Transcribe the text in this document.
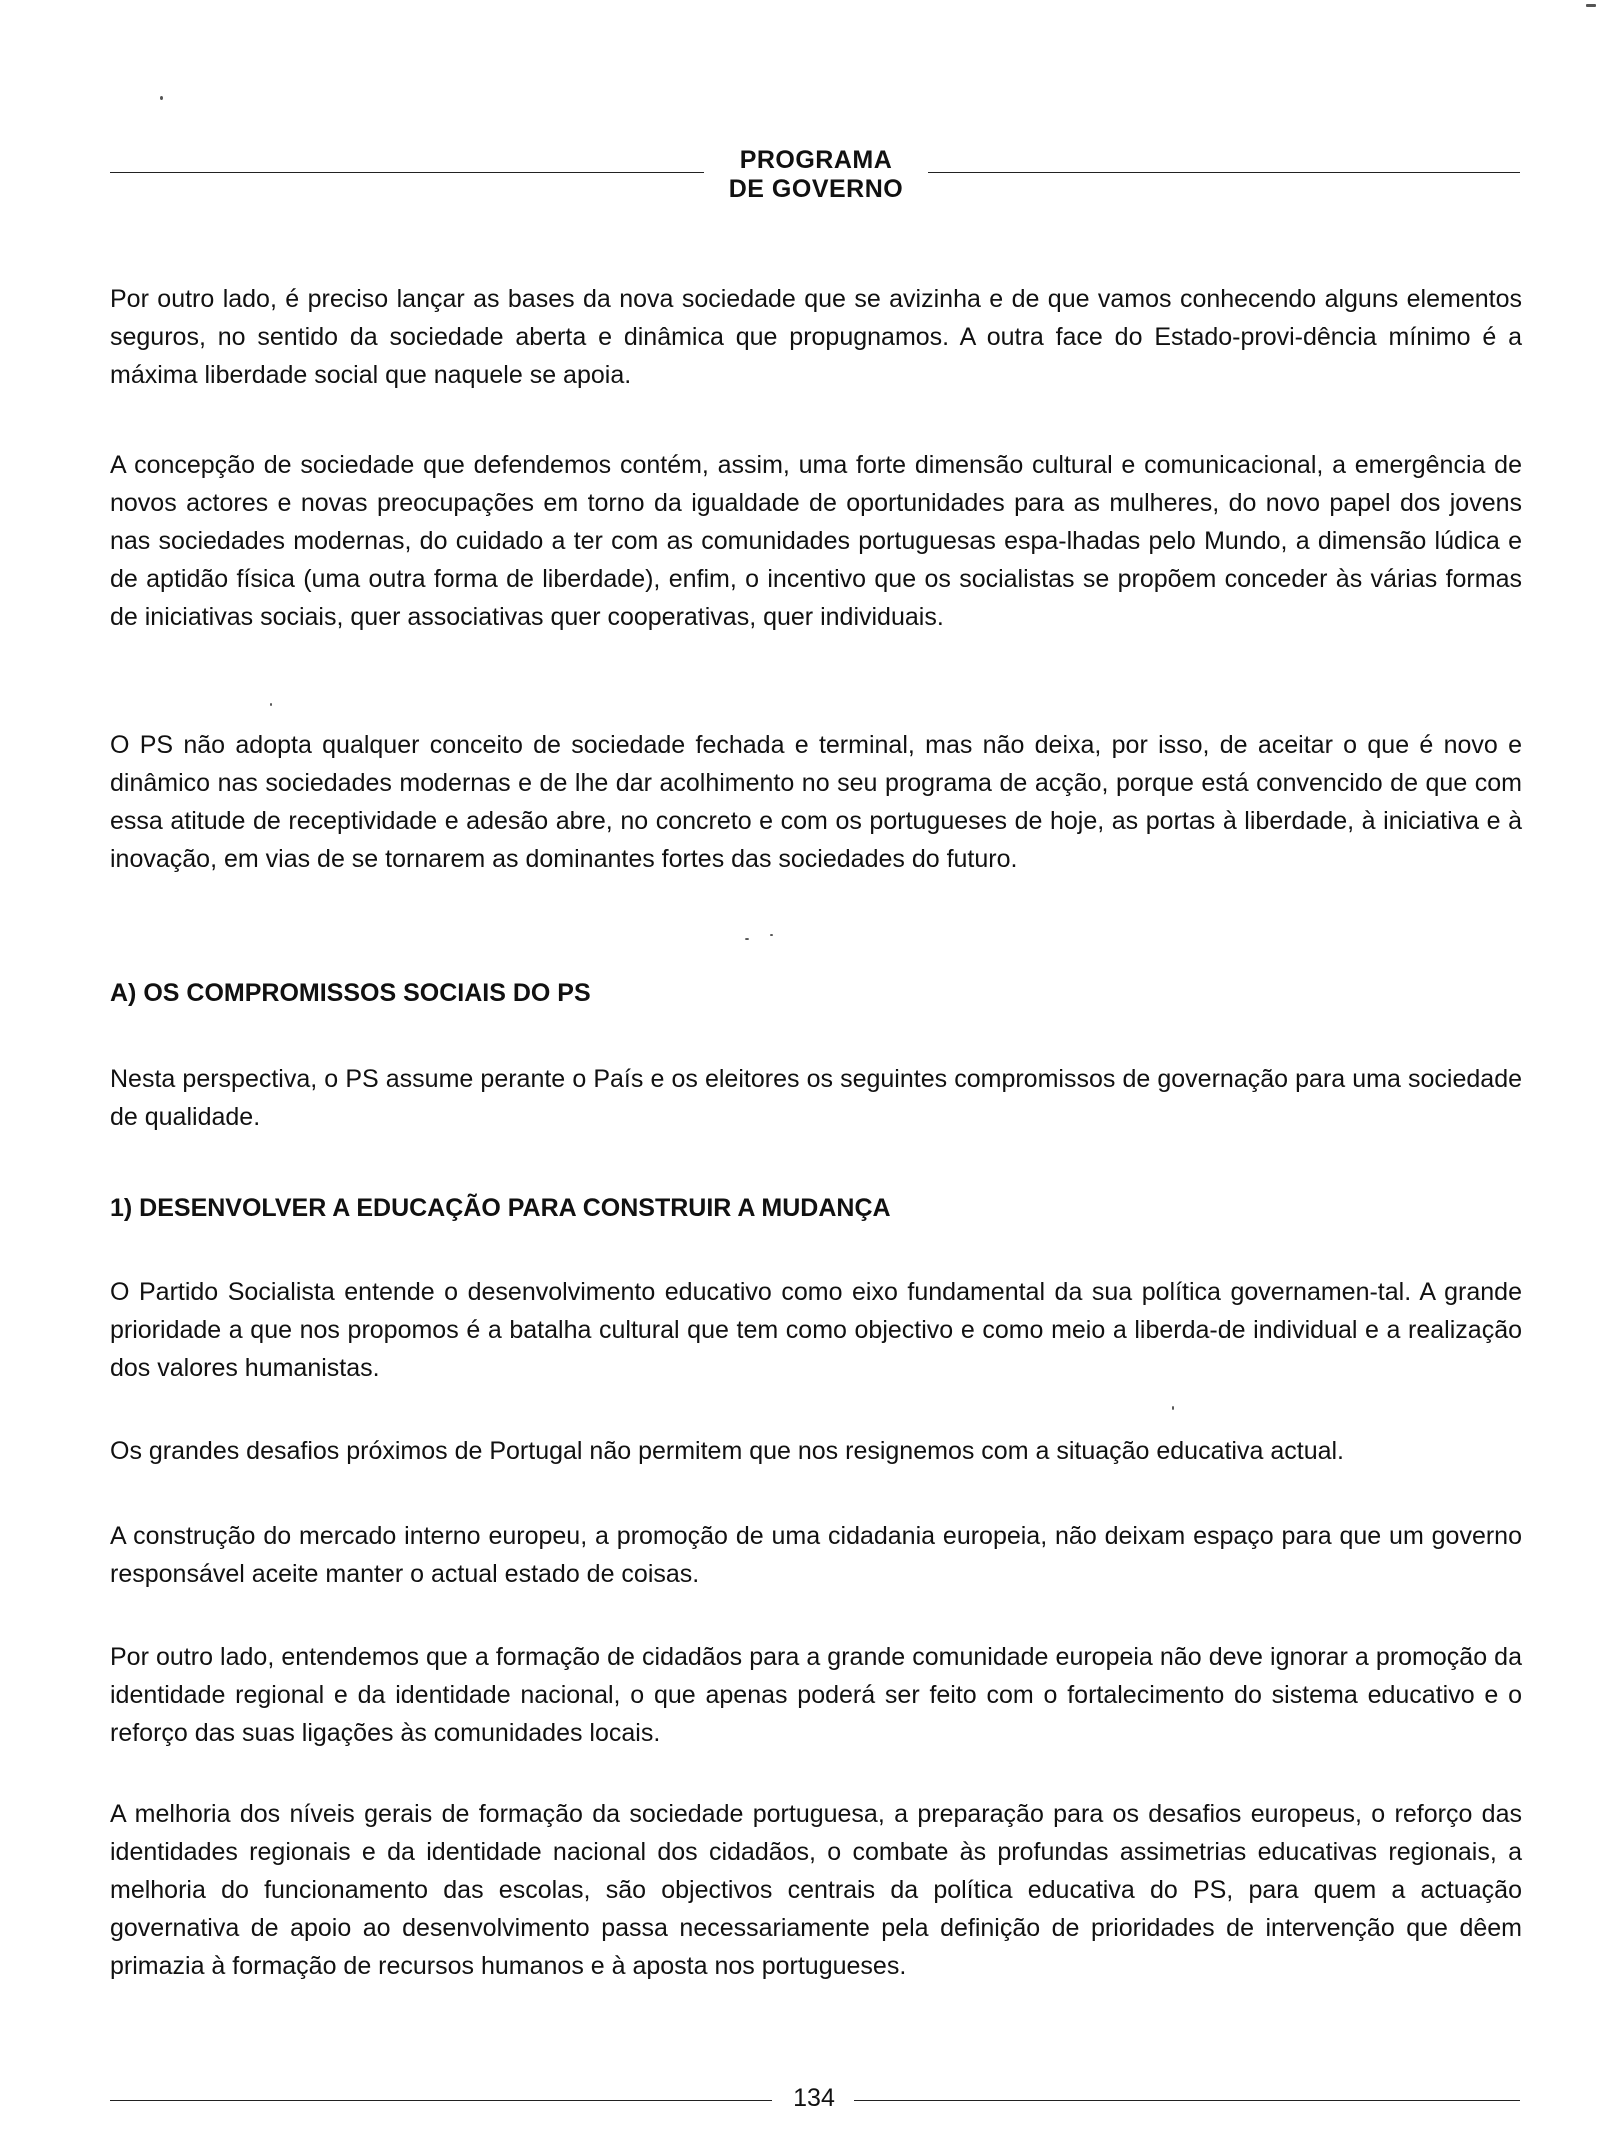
PROGRAMA
DE GOVERNO

Por outro lado, é preciso lançar as bases da nova sociedade que se avizinha e de que vamos conhecendo alguns elementos seguros, no sentido da sociedade aberta e dinâmica que propugnamos. A outra face do Estado-provi-dência mínimo é a máxima liberdade social que naquele se apoia.

A concepção de sociedade que defendemos contém, assim, uma forte dimensão cultural e comunicacional, a emergência de novos actores e novas preocupações em torno da igualdade de oportunidades para as mulheres, do novo papel dos jovens nas sociedades modernas, do cuidado a ter com as comunidades portuguesas espa-lhadas pelo Mundo, a dimensão lúdica e de aptidão física (uma outra forma de liberdade), enfim, o incentivo que os socialistas se propõem conceder às várias formas de iniciativas sociais, quer associativas quer cooperativas, quer individuais.

O PS não adopta qualquer conceito de sociedade fechada e terminal, mas não deixa, por isso, de aceitar o que é novo e dinâmico nas sociedades modernas e de lhe dar acolhimento no seu programa de acção, porque está convencido de que com essa atitude de receptividade e adesão abre, no concreto e com os portugueses de hoje, as portas à liberdade, à iniciativa e à inovação, em vias de se tornarem as dominantes fortes das sociedades do futuro.

A) OS COMPROMISSOS SOCIAIS DO PS

Nesta perspectiva, o PS assume perante o País e os eleitores os seguintes compromissos de governação para uma sociedade de qualidade.

1) DESENVOLVER A EDUCAÇÃO PARA CONSTRUIR A MUDANÇA

O Partido Socialista entende o desenvolvimento educativo como eixo fundamental da sua política governamen-tal. A grande prioridade a que nos propomos é a batalha cultural que tem como objectivo e como meio a liberda-de individual e a realização dos valores humanistas.

Os grandes desafios próximos de Portugal não permitem que nos resignemos com a situação educativa actual.

A construção do mercado interno europeu, a promoção de uma cidadania europeia, não deixam espaço para que um governo responsável aceite manter o actual estado de coisas.

Por outro lado, entendemos que a formação de cidadãos para a grande comunidade europeia não deve ignorar a promoção da identidade regional e da identidade nacional, o que apenas poderá ser feito com o fortalecimento do sistema educativo e o reforço das suas ligações às comunidades locais.

A melhoria dos níveis gerais de formação da sociedade portuguesa, a preparação para os desafios europeus, o reforço das identidades regionais e da identidade nacional dos cidadãos, o combate às profundas assimetrias educativas regionais, a melhoria do funcionamento das escolas, são objectivos centrais da política educativa do PS, para quem a actuação governativa de apoio ao desenvolvimento passa necessariamente pela definição de prioridades de intervenção que dêem primazia à formação de recursos humanos e à aposta nos portugueses.

134
